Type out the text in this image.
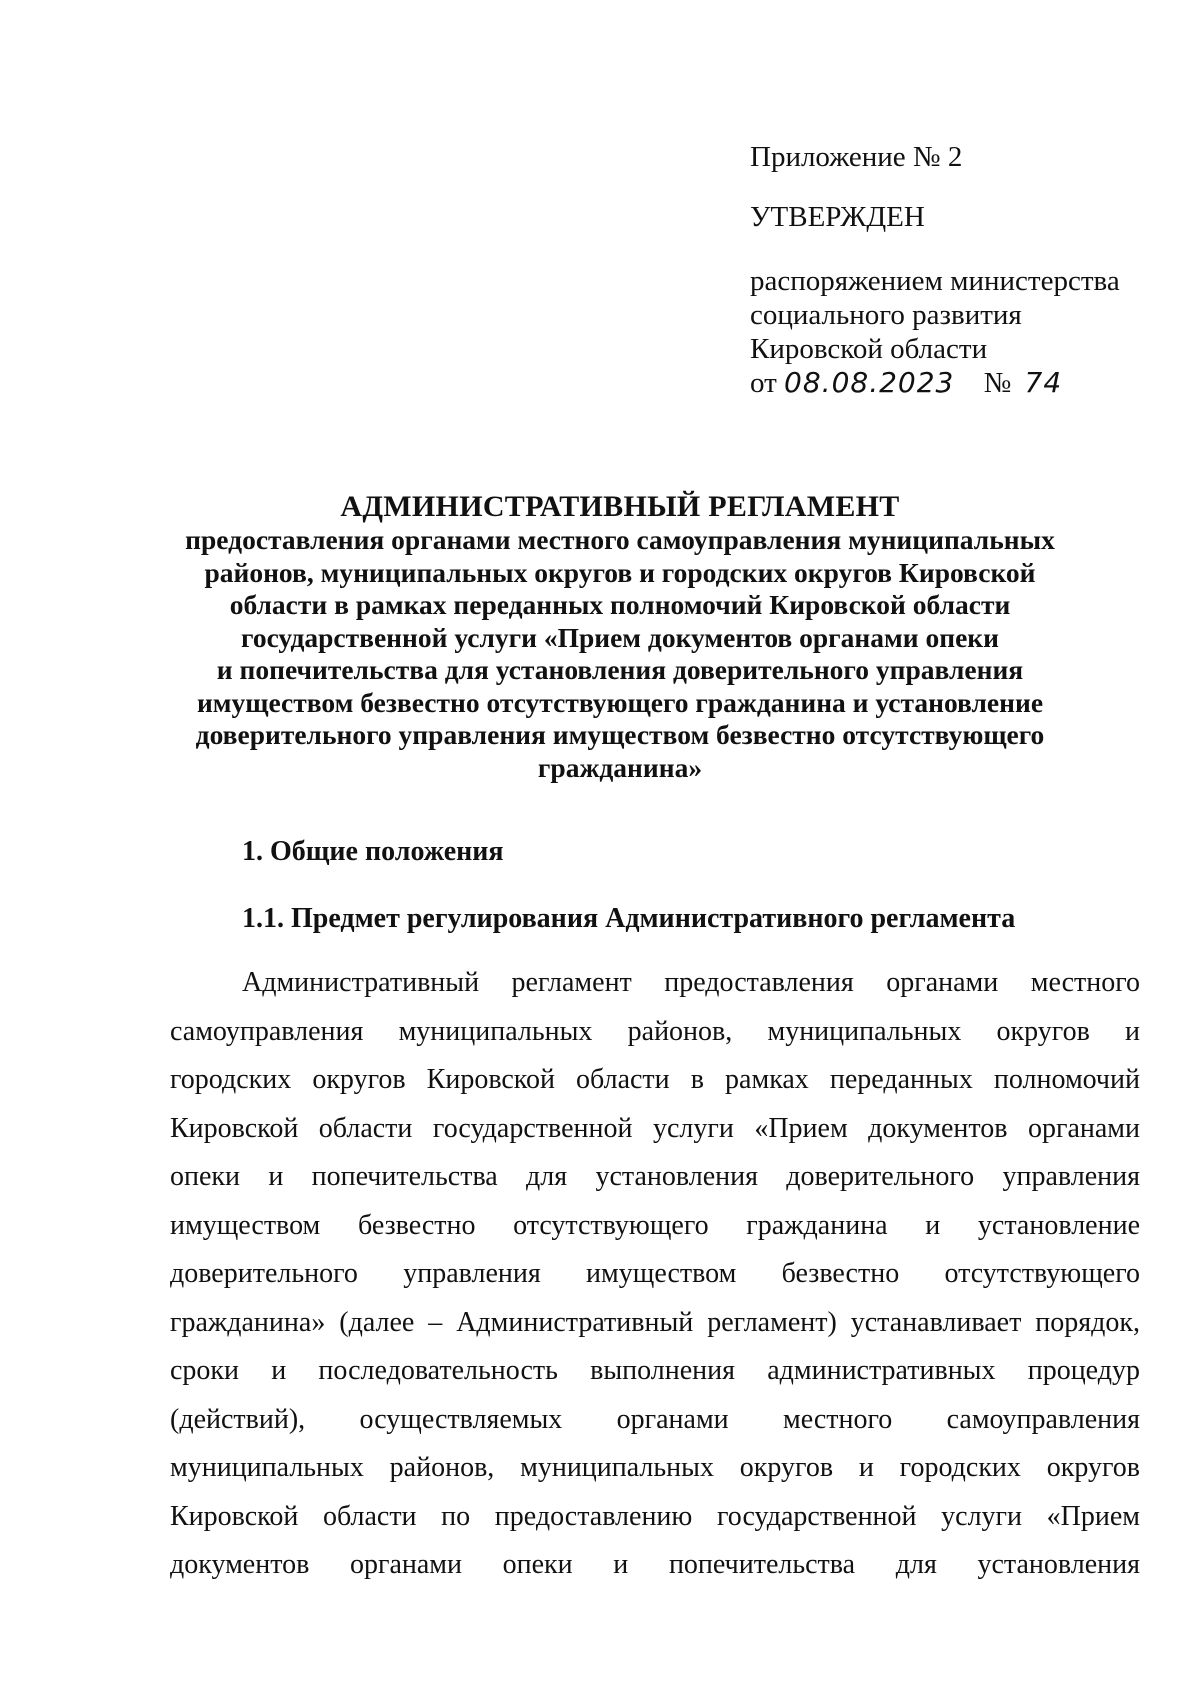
Приложение № 2
УТВЕРЖДЕН
распоряжением министерства
социального развития
Кировской области
от 08.08.2023 № 74
АДМИНИСТРАТИВНЫЙ РЕГЛАМЕНТ
предоставления органами местного самоуправления муниципальных
районов, муниципальных округов и городских округов Кировской
области в рамках переданных полномочий Кировской области
государственной услуги «Прием документов органами опеки
и попечительства для установления доверительного управления
имуществом безвестно отсутствующего гражданина и установление
доверительного управления имуществом безвестно отсутствующего
гражданина»
1. Общие положения
1.1. Предмет регулирования Административного регламента
Административный регламент предоставления органами местного
самоуправления муниципальных районов, муниципальных округов и
городских округов Кировской области в рамках переданных полномочий
Кировской области государственной услуги «Прием документов органами
опеки и попечительства для установления доверительного управления
имуществом безвестно отсутствующего гражданина и установление
доверительного управления имуществом безвестно отсутствующего
гражданина» (далее – Административный регламент) устанавливает порядок,
сроки и последовательность выполнения административных процедур
(действий), осуществляемых органами местного самоуправления
муниципальных районов, муниципальных округов и городских округов
Кировской области по предоставлению государственной услуги «Прием
документов органами опеки и попечительства для установления
